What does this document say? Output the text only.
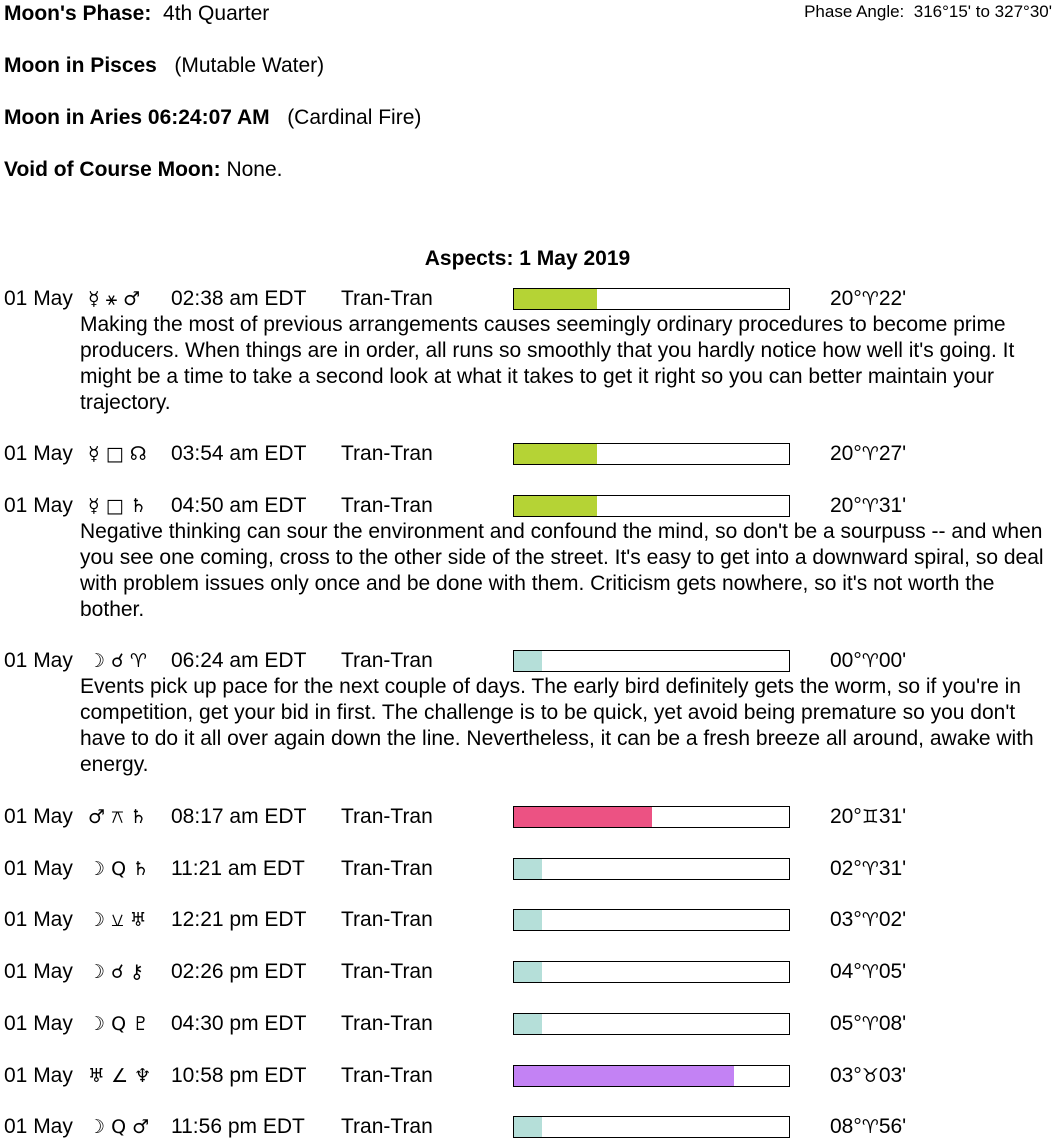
Moon's Phase: 4th Quarter	Phase Angle: 316°15' to 327°30'
Moon in Pisces (Mutable Water)
Moon in Aries 06:24:07 AM (Cardinal Fire)
Void of Course Moon: None.
Aspects: 1 May 2019
01 May ☿ ⚹ ♂ 02:38 am EDT Tran-Tran	20°♈22'
Making the most of previous arrangements causes seemingly ordinary procedures to become prime producers. When things are in order, all runs so smoothly that you hardly notice how well it's going. It might be a time to take a second look at what it takes to get it right so you can better maintain your trajectory.
01 May ☿ □ ☊ 03:54 am EDT Tran-Tran	20°♈27'
01 May ☿ □ ♄ 04:50 am EDT Tran-Tran	20°♈31'
Negative thinking can sour the environment and confound the mind, so don't be a sourpuss -- and when you see one coming, cross to the other side of the street. It's easy to get into a downward spiral, so deal with problem issues only once and be done with them. Criticism gets nowhere, so it's not worth the bother.
01 May ☽ ☌ ♈ 06:24 am EDT Tran-Tran	00°♈00'
Events pick up pace for the next couple of days. The early bird definitely gets the worm, so if you're in competition, get your bid in first. The challenge is to be quick, yet avoid being premature so you don't have to do it all over again down the line. Nevertheless, it can be a fresh breeze all around, awake with energy.
01 May ♂ ⚻ ♄ 08:17 am EDT Tran-Tran	20°♊31'
01 May ☽ Q ♄ 11:21 am EDT Tran-Tran	02°♈31'
01 May ☽ ⚺ ♅ 12:21 pm EDT Tran-Tran	03°♈02'
01 May ☽ ☌ ⚷ 02:26 pm EDT Tran-Tran	04°♈05'
01 May ☽ Q ♇ 04:30 pm EDT Tran-Tran	05°♈08'
01 May ♅ ∠ ♆ 10:58 pm EDT Tran-Tran	03°♉03'
01 May ☽ Q ♂ 11:56 pm EDT Tran-Tran	08°♈56'
